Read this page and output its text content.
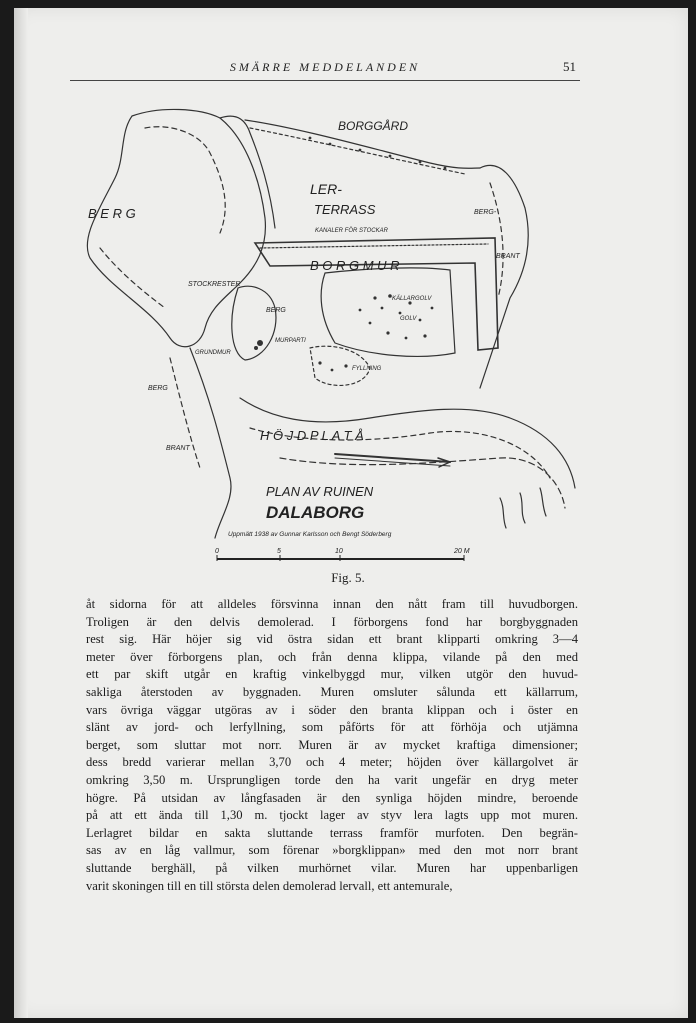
SMÄRRE MEDDELANDEN	51
BORGGÅRD
LER-
TERRASS
B E R G	BERG-
BRANT
KANALER FÖR STOCKAR
B O R G M U R
STOCKRESTER
BERG
KÄLLARGOLV
GOLV
MURPARTI
GRUNDMUR
BERG
FYLLNING
H Ö J D P L A T Å
BRANT
PLAN AV RUINEN
DALABORG
Uppmätt 1938 av Gunnar Karlsson och Bengt Söderberg
0	5	10	20 M
Fig. 5.
åt sidorna för att alldeles försvinna innan den nått fram till huvudborgen.
Troligen är den delvis demolerad. I förborgens fond har borgbyggnaden
rest sig. Här höjer sig vid östra sidan ett brant klipparti omkring 3—4
meter över förborgens plan, och från denna klippa, vilande på den med
ett par skift utgår en kraftig vinkelbyggd mur, vilken utgör den huvud-
sakliga återstoden av byggnaden. Muren omsluter sålunda ett källarrum,
vars övriga väggar utgöras av i söder den branta klippan och i öster en
slänt av jord- och lerfyllning, som påförts för att förhöja och utjämna
berget, som sluttar mot norr. Muren är av mycket kraftiga dimensioner;
dess bredd varierar mellan 3,70 och 4 meter; höjden över källargolvet är
omkring 3,50 m. Ursprungligen torde den ha varit ungefär en dryg meter
högre. På utsidan av långfasaden är den synliga höjden mindre, beroende
på att ett ända till 1,30 m. tjockt lager av styv lera lagts upp mot muren.
Lerlagret bildar en sakta sluttande terrass framför murfoten. Den begrän-
sas av en låg vallmur, som förenar »borgklippan» med den mot norr brant
sluttande berghäll, på vilken murhörnet vilar. Muren har uppenbarligen
varit skoningen till en till största delen demolerad lervall, ett antemurale,
